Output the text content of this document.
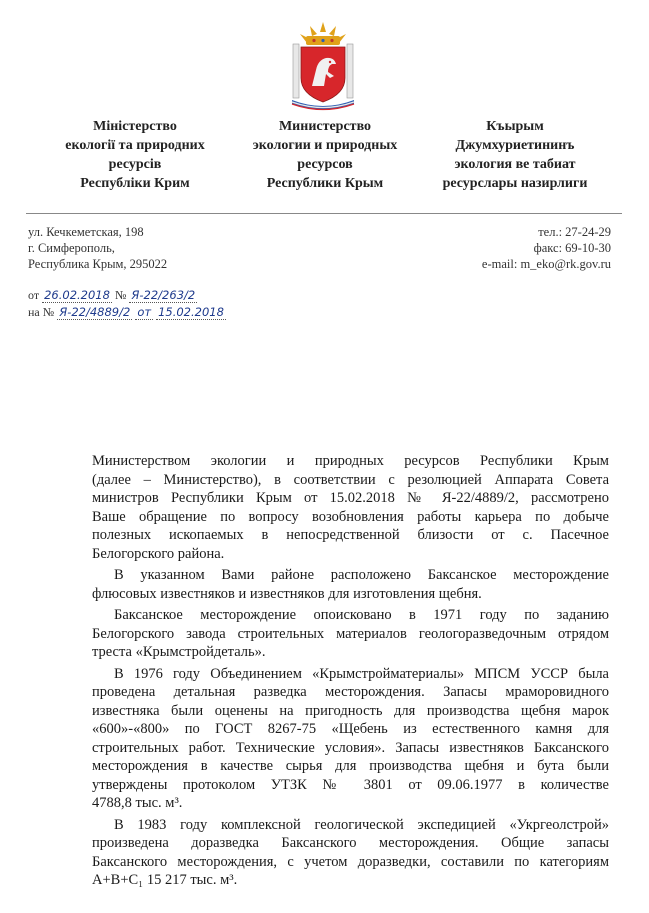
Міністерство
екології та природних
ресурсів
Республіки Крим
Министерство
экологии и природных
ресурсов
Республики Крым
Къырым
Джумхуриетининъ
экология ве табиат
ресурслары назирлиги
ул. Кечкеметская, 198
г. Симферополь,
Республика Крым, 295022
тел.: 27-24-29
факс: 69-10-30
e-mail: m_eko@rk.gov.ru
от 26.02.2018 № Я-22/263/2
на № Я-22/4889/2 от 15.02.2018
Министерством экологии и природных ресурсов Республики Крым
(далее – Министерство), в соответствии с резолюцией Аппарата Совета
министров Республики Крым от 15.02.2018 № Я-22/4889/2, рассмотрено
Ваше обращение по вопросу возобновления работы карьера по добыче
полезных ископаемых в непосредственной близости от с. Пасечное
Белогорского района.
В указанном Вами районе расположено Баксанское месторождение
флюсовых известняков и известняков для изготовления щебня.
Баксанское месторождение опоисковано в 1971 году по заданию
Белогорского завода строительных материалов геологоразведочным отрядом
треста «Крымстройдеталь».
В 1976 году Объединением «Крымстройматериалы» МПСМ УССР была
проведена детальная разведка месторождения. Запасы мраморовидного
известняка были оценены на пригодность для производства щебня марок
«600»-«800» по ГОСТ 8267-75 «Щебень из естественного камня для
строительных работ. Технические условия». Запасы известняков Баксанского
месторождения в качестве сырья для производства щебня и бута были
утверждены протоколом УТЗК № 3801 от 09.06.1977 в количестве
4788,8 тыс. м³.
В 1983 году комплексной геологической экспедицией «Укргеолстрой»
произведена доразведка Баксанского месторождения. Общие запасы
Баксанского месторождения, с учетом доразведки, составили по категориям
А+В+С₁ 15 217 тыс. м³.
